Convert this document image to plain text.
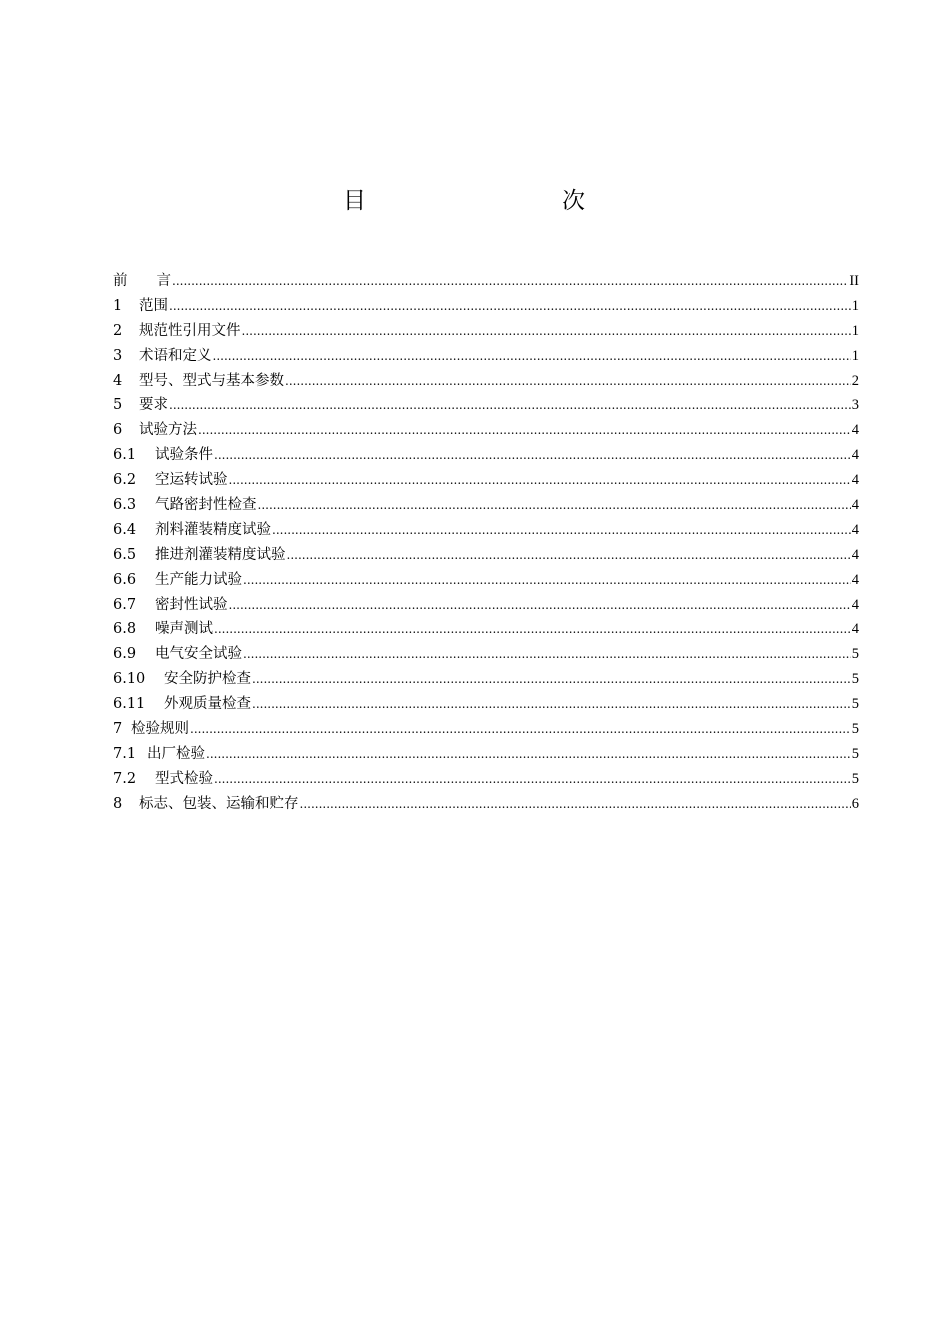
目　　次
前　　言 .....	II
1	范围 .....	1
2	规范性引用文件 .....	1
3	术语和定义 .....	1
4	型号、型式与基本参数 .....	2
5	要求 .....	3
6	试验方法 .....	4
6.1	试验条件 .....	4
6.2	空运转试验 .....	4
6.3	气路密封性检查 .....	4
6.4	剂料灌装精度试验 .....	4
6.5	推进剂灌装精度试验 .....	4
6.6	生产能力试验 .....	4
6.7	密封性试验 .....	4
6.8	噪声测试 .....	4
6.9	电气安全试验 .....	5
6.10	安全防护检查 .....	5
6.11	外观质量检查 .....	5
7 检验规则 .....	5
7.1 出厂检验 .....	5
7.2	型式检验 .....	5
8	标志、包装、运输和贮存 .....	6
